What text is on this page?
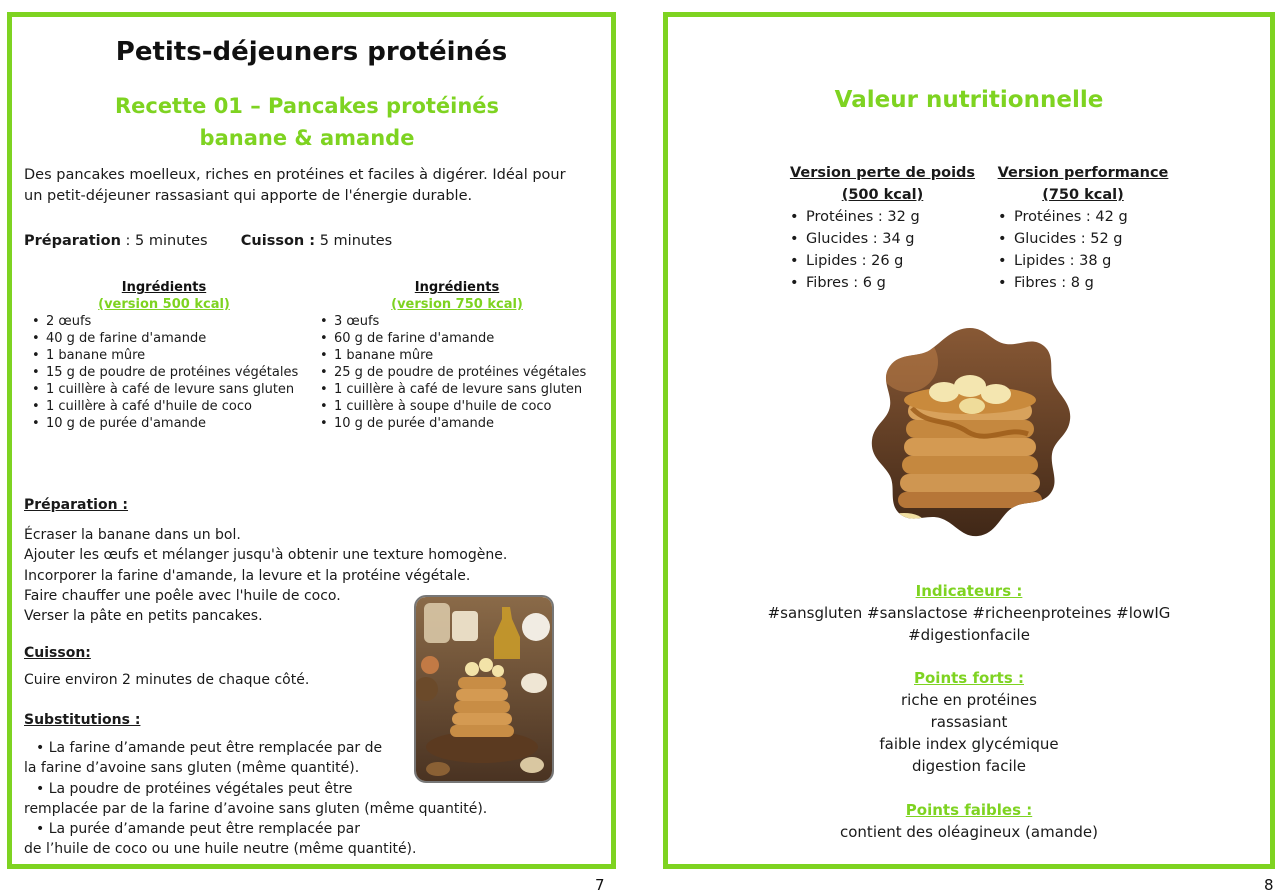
Petits-déjeuners protéinés
Recette 01 – Pancakes protéinés
banane & amande
Des pancakes moelleux, riches en protéines et faciles à digérer. Idéal pour un petit-déjeuner rassasiant qui apporte de l'énergie durable.
Préparation : 5 minutes Cuisson : 5 minutes
Ingrédients
(version 500 kcal)
• 2 œufs
• 40 g de farine d'amande
• 1 banane mûre
• 15 g de poudre de protéines végétales
• 1 cuillère à café de levure sans gluten
• 1 cuillère à café d'huile de coco
• 10 g de purée d'amande
Ingrédients
(version 750 kcal)
• 3 œufs
• 60 g de farine d'amande
• 1 banane mûre
• 25 g de poudre de protéines végétales
• 1 cuillère à café de levure sans gluten
• 1 cuillère à soupe d'huile de coco
• 10 g de purée d'amande
Préparation :
Écraser la banane dans un bol.
Ajouter les œufs et mélanger jusqu'à obtenir une texture homogène.
Incorporer la farine d'amande, la levure et la protéine végétale.
Faire chauffer une poêle avec l'huile de coco.
Verser la pâte en petits pancakes.
Cuisson:
Cuire environ 2 minutes de chaque côté.
Substitutions :
• La farine d’amande peut être remplacée par de
la farine d’avoine sans gluten (même quantité).
• La poudre de protéines végétales peut être
remplacée par de la farine d’avoine sans gluten (même quantité).
• La purée d’amande peut être remplacée par
de l’huile de coco ou une huile neutre (même quantité).
7
Valeur nutritionnelle
Version perte de poids
(500 kcal)
• Protéines : 32 g
• Glucides : 34 g
• Lipides : 26 g
• Fibres : 6 g
Version performance
(750 kcal)
• Protéines : 42 g
• Glucides : 52 g
• Lipides : 38 g
• Fibres : 8 g
Indicateurs :
#sansgluten #sanslactose #richeenproteines #lowIG
#digestionfacile
Points forts :
riche en protéines
rassasiant
faible index glycémique
digestion facile
Points faibles :
contient des oléagineux (amande)
8
